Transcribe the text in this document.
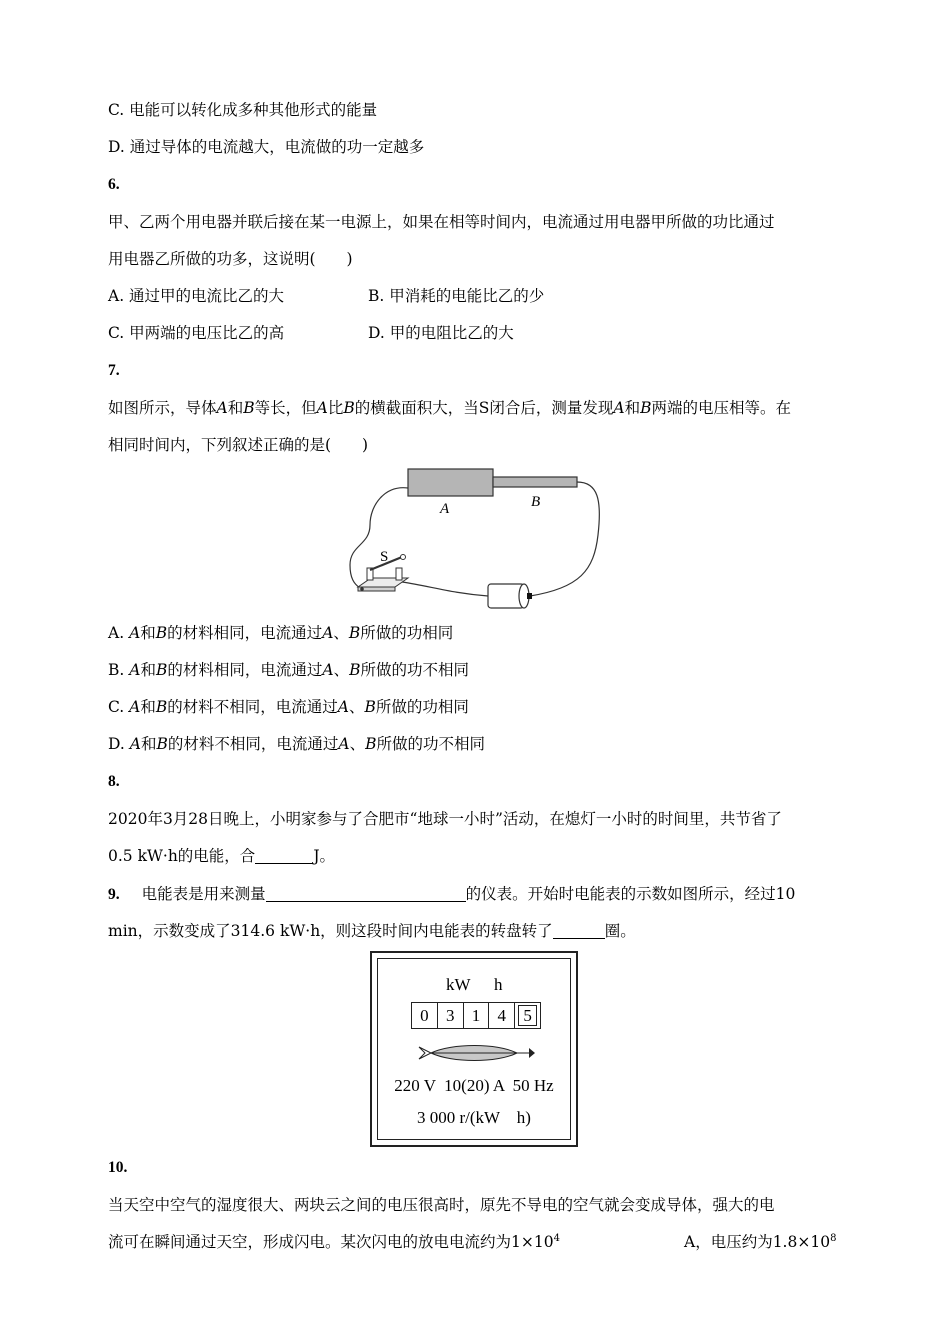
C. 电能可以转化成多种其他形式的能量
D. 通过导体的电流越大，电流做的功一定越多
6.
甲、乙两个用电器并联后接在某一电源上，如果在相等时间内，电流通过用电器甲所做的功比通过
用电器乙所做的功多，这说明(　　)
A. 通过甲的电流比乙的大	B. 甲消耗的电能比乙的少
C. 甲两端的电压比乙的高	D. 甲的电阻比乙的大
7.
如图所示，导体A和B等长，但A比B的横截面积大，当S闭合后，测量发现A和B两端的电压相等。在
相同时间内，下列叙述正确的是(　　)
A	B
S
A. A和B的材料相同，电流通过A、B所做的功相同
B. A和B的材料相同，电流通过A、B所做的功不相同
C. A和B的材料不相同，电流通过A、B所做的功相同
D. A和B的材料不相同，电流通过A、B所做的功不相同
8.
2020年3月28日晚上，小明家参与了合肥市“地球一小时”活动，在熄灯一小时的时间里，共节省了
0.5 kW·h的电能，合	J。
9. 电能表是用来测量	的仪表。开始时电能表的示数如图所示，经过10
min，示数变成了314.6 kW·h，则这段时间内电能表的转盘转了	圈。
kW h
0	3	1	4	5
220 V  10(20) A  50 Hz
3 000 r/(kW    h)
10.
当天空中空气的湿度很大、两块云之间的电压很高时，原先不导电的空气就会变成导体，强大的电
流可在瞬间通过天空，形成闪电。某次闪电的放电电流约为$1\times 10^4$	A，电压约为$1.8\times 10^8$
